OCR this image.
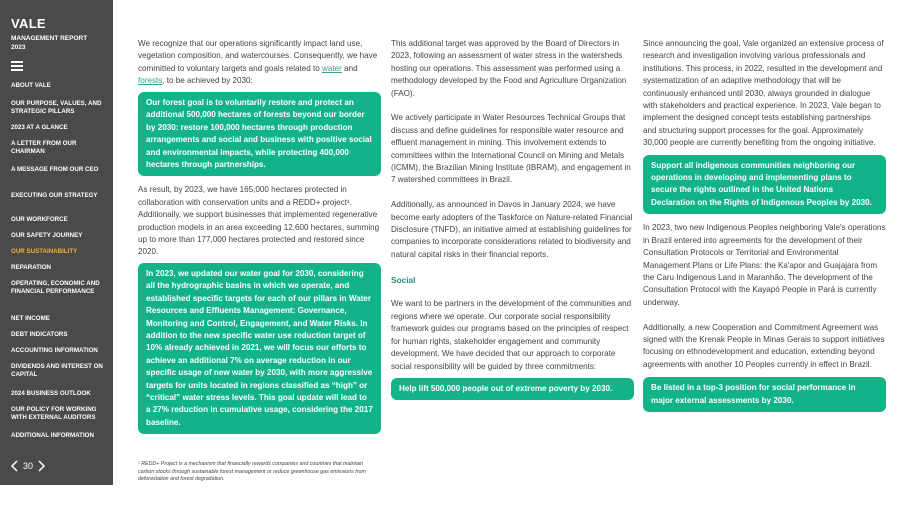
VALE
MANAGEMENT REPORT
2023
ABOUT VALE
OUR PURPOSE, VALUES, AND STRATEGIC PILLARS
2023 AT A GLANCE
A LETTER FROM OUR CHAIRMAN
A MESSAGE FROM OUR CEO
EXECUTING OUR STRATEGY
OUR WORKFORCE
OUR SAFETY JOURNEY
OUR SUSTAINABILITY
REPARATION
OPERATING, ECONOMIC AND FINANCIAL PERFORMANCE
NET INCOME
DEBT INDICATORS
ACCOUNTING INFORMATION
DIVIDENDS AND INTEREST ON CAPITAL
2024 BUSINESS OUTLOOK
OUR POLICY FOR WORKING WITH EXTERNAL AUDITORS
ADDITIONAL INFORMATION
30

We recognize that our operations significantly impact land use, vegetation composition, and watercourses. Consequently, we have committed to voluntary targets and goals related to water and forests, to be achieved by 2030:

Our forest goal is to voluntarily restore and protect an additional 500,000 hectares of forests beyond our border by 2030: restore 100,000 hectares through production arrangements and social and business with positive social and environmental impacts, while protecting 400,000 hectares through partnerships.

As result, by 2023, we have 165,000 hectares protected in collaboration with conservation units and a REDD+ project¹. Additionally, we support businesses that implemented regenerative production models in an area exceeding 12,600 hectares, summing up to more than 177,000 hectares protected and restored since 2020.

In 2023, we updated our water goal for 2030, considering all the hydrographic basins in which we operate, and established specific targets for each of our pillars in Water Resources and Effluents Management: Governance, Monitoring and Control, Engagement, and Water Risks. In addition to the new specific water use reduction target of 10% already achieved in 2021, we will focus our efforts to achieve an additional 7% on average reduction in our specific usage of new water by 2030, with more aggressive targets for units located in regions classified as “high” or “critical” water stress levels. This goal update will lead to a 27% reduction in cumulative usage, considering the 2017 baseline.
¹ REDD+ Project is a mechanism that financially rewards companies and countries that maintain carbon stocks through sustainable forest management or reduce greenhouse gas emissions from deforestation and forest degradation.

This additional target was approved by the Board of Directors in 2023, following an assessment of water stress in the watersheds hosting our operations. This assessment was performed using a methodology developed by the Food and Agriculture Organization (FAO).

We actively participate in Water Resources Technical Groups that discuss and define guidelines for responsible water resource and effluent management in mining. This involvement extends to committees within the International Council on Mining and Metals (ICMM), the Brazilian Mining Institute (IBRAM), and engagement in 7 watershed committees in Brazil.

Additionally, as announced in Davos in January 2024, we have become early adopters of the Taskforce on Nature-related Financial Disclosure (TNFD), an initiative aimed at establishing guidelines for companies to incorporate considerations related to biodiversity and natural capital risks in their financial reports.

Social

We want to be partners in the development of the communities and regions where we operate. Our corporate social responsibility framework guides our programs based on the principles of respect for human rights, stakeholder engagement and community development. We have decided that our approach to corporate social responsibility will be guided by three commitments:

Help lift 500,000 people out of extreme poverty by 2030.

Since announcing the goal, Vale organized an extensive process of research and investigation involving various professionals and institutions. This process, in 2022, resulted in the development and systematization of an adaptive methodology that will be continuously enhanced until 2030, always grounded in dialogue with stakeholders and practical experience. In 2023, Vale began to implement the designed concept tests establishing partnerships and structuring support processes for the goal. Approximately 30,000 people are currently benefiting from the ongoing initiative.

Support all indigenous communities neighboring our operations in developing and implementing plans to secure the rights outlined in the United Nations Declaration on the Rights of Indigenous Peoples by 2030.

In 2023, two new Indigenous Peoples neighboring Vale's operations in Brazil entered into agreements for the development of their Consultation Protocols or Territorial and Environmental Management Plans or Life Plans: the Ka'apor and Guajajara from the Caru Indigenous Land in Maranhão. The development of the Consultation Protocol with the Kayapó People in Pará is currently underway.

Additionally, a new Cooperation and Commitment Agreement was signed with the Krenak People in Minas Gerais to support initiatives focusing on ethnodevelopment and education, extending beyond agreements with another 10 Peoples currently in effect in Brazil.

Be listed in a top-3 position for social performance in major external assessments by 2030.
